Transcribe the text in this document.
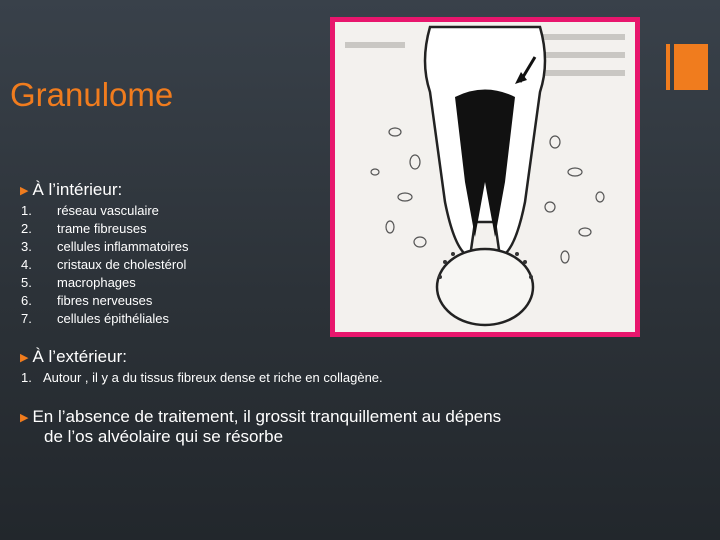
Granulome
▶ À l’intérieur:
1.	réseau vasculaire
2.	trame fibreuses
3.	cellules inflammatoires
4.	cristaux de cholestérol
5.	macrophages
6.	fibres nerveuses
7.	cellules épithéliales
▶ À l’extérieur:
1. Autour , il y a du tissus fibreux dense et riche en collagène.
▶ En l’absence de traitement, il grossit tranquillement au dépens
de l’os alvéolaire qui se résorbe
